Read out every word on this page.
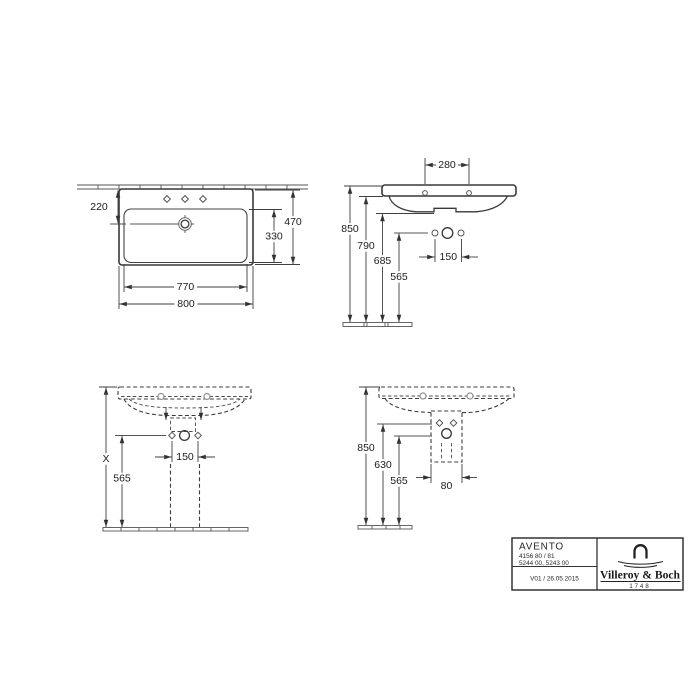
220
470
330
770
800
280
150
850
790
685
565
X
565
150
850
630
565	80
AVENTO
4156 80 / 81
5244 00, 5243 00
V01 / 26.05.2015 Villeroy & Boch
1748
